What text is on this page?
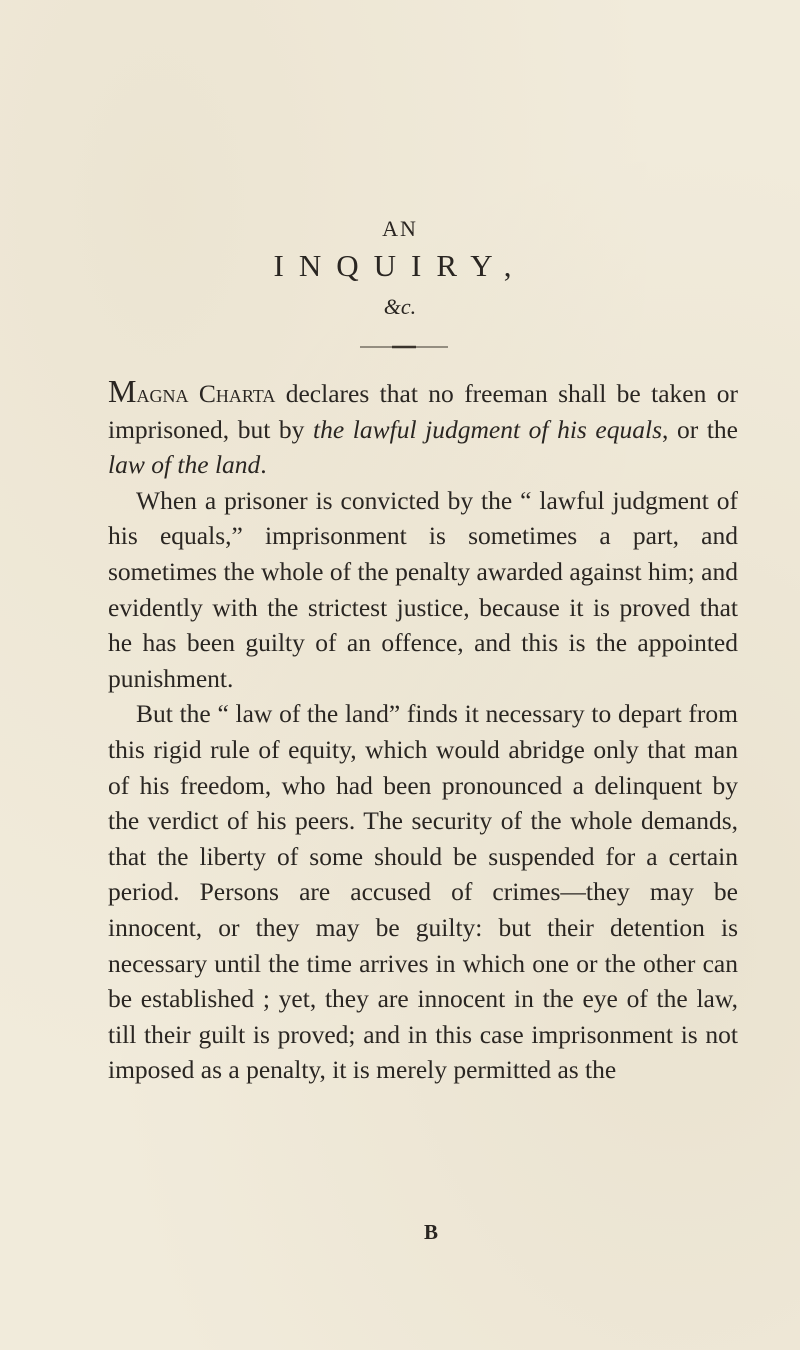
AN

INQUIRY,

&c.

Magna Charta declares that no freeman shall be taken or imprisoned, but by the lawful judgment of his equals, or the law of the land.

When a prisoner is convicted by the “ lawful judgment of his equals,” imprisonment is sometimes a part, and sometimes the whole of the penalty awarded against him; and evidently with the strictest justice, because it is proved that he has been guilty of an offence, and this is the appointed punishment.

But the “ law of the land” finds it necessary to depart from this rigid rule of equity, which would abridge only that man of his freedom, who had been pronounced a delinquent by the verdict of his peers. The security of the whole demands, that the liberty of some should be suspended for a certain period. Persons are accused of crimes—they may be innocent, or they may be guilty: but their detention is necessary until the time arrives in which one or the other can be established ; yet, they are innocent in the eye of the law, till their guilt is proved; and in this case imprisonment is not imposed as a penalty, it is merely permitted as the

B
